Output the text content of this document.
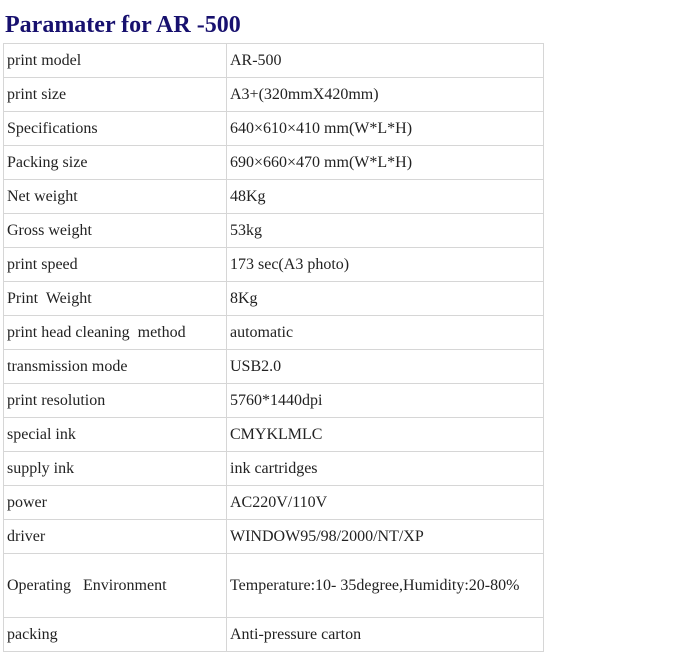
Paramater for AR -500
print model	AR-500
print size	A3+(320mmX420mm)
Specifications	640×610×410 mm(W*L*H)
Packing size	690×660×470 mm(W*L*H)
Net weight	48Kg
Gross weight	53kg
print speed	173 sec(A3 photo)
Print  Weight	8Kg
print head cleaning  method	automatic
transmission mode	USB2.0
print resolution	5760*1440dpi
special ink	CMYKLMLC
supply ink	ink cartridges
power	AC220V/110V
driver	WINDOW95/98/2000/NT/XP
Operating   Environment	Temperature:10- 35degree,Humidity:20-80%
packing	Anti-pressure carton
